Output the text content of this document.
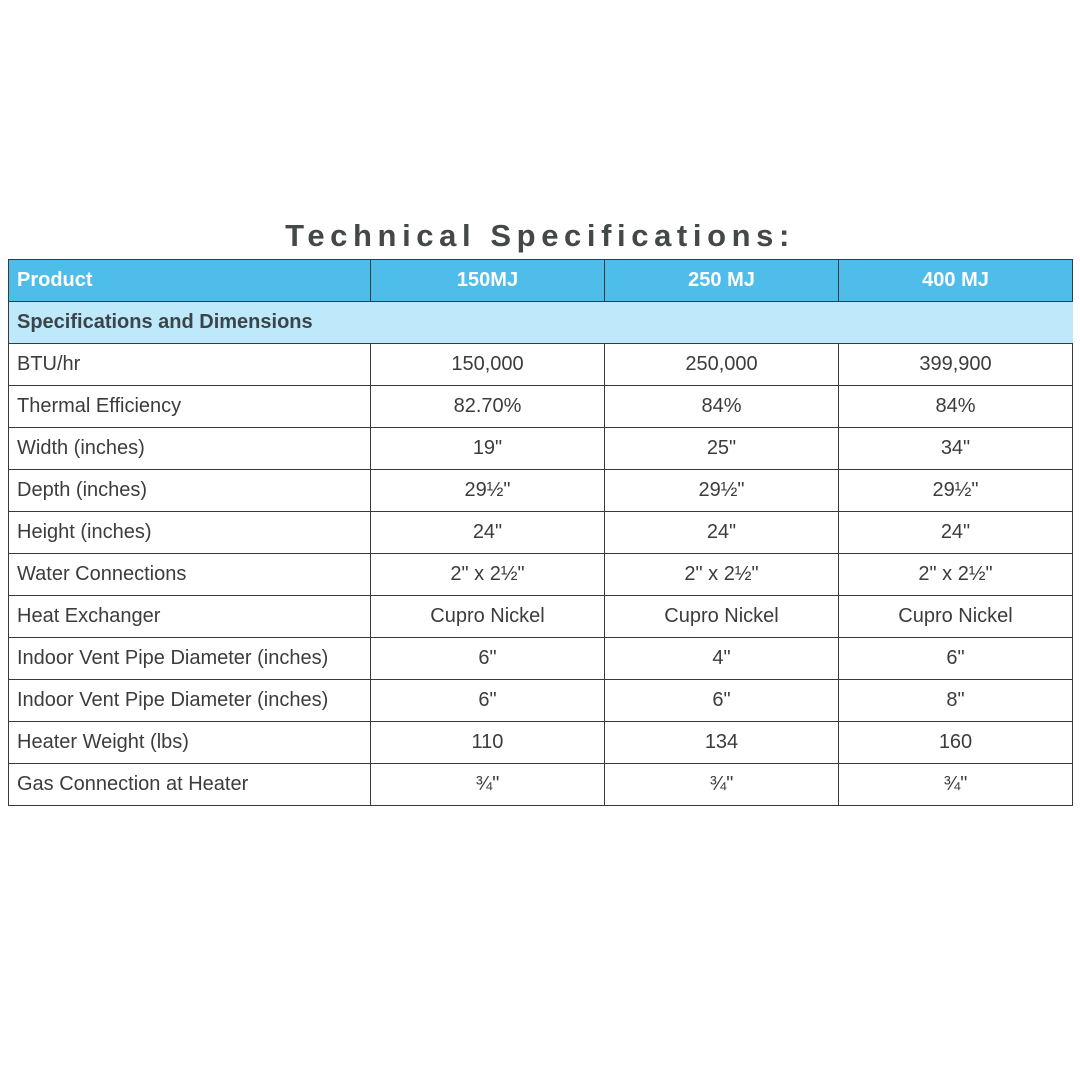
Technical Specifications:
Product	150MJ	250 MJ	400 MJ
Specifications and Dimensions			
BTU/hr	150,000	250,000	399,900
Thermal Efficiency	82.70%	84%	84%
Width (inches)	19"	25"	34"
Depth (inches)	29½"	29½"	29½"
Height (inches)	24"	24"	24"
Water Connections	2" x 2½"	2" x 2½"	2" x 2½"
Heat Exchanger	Cupro Nickel	Cupro Nickel	Cupro Nickel
Indoor Vent Pipe Diameter (inches)	6"	4"	6"
Indoor Vent Pipe Diameter (inches)	6"	6"	8"
Heater Weight (lbs)	110	134	160
Gas Connection at Heater	¾"	¾"	¾"
